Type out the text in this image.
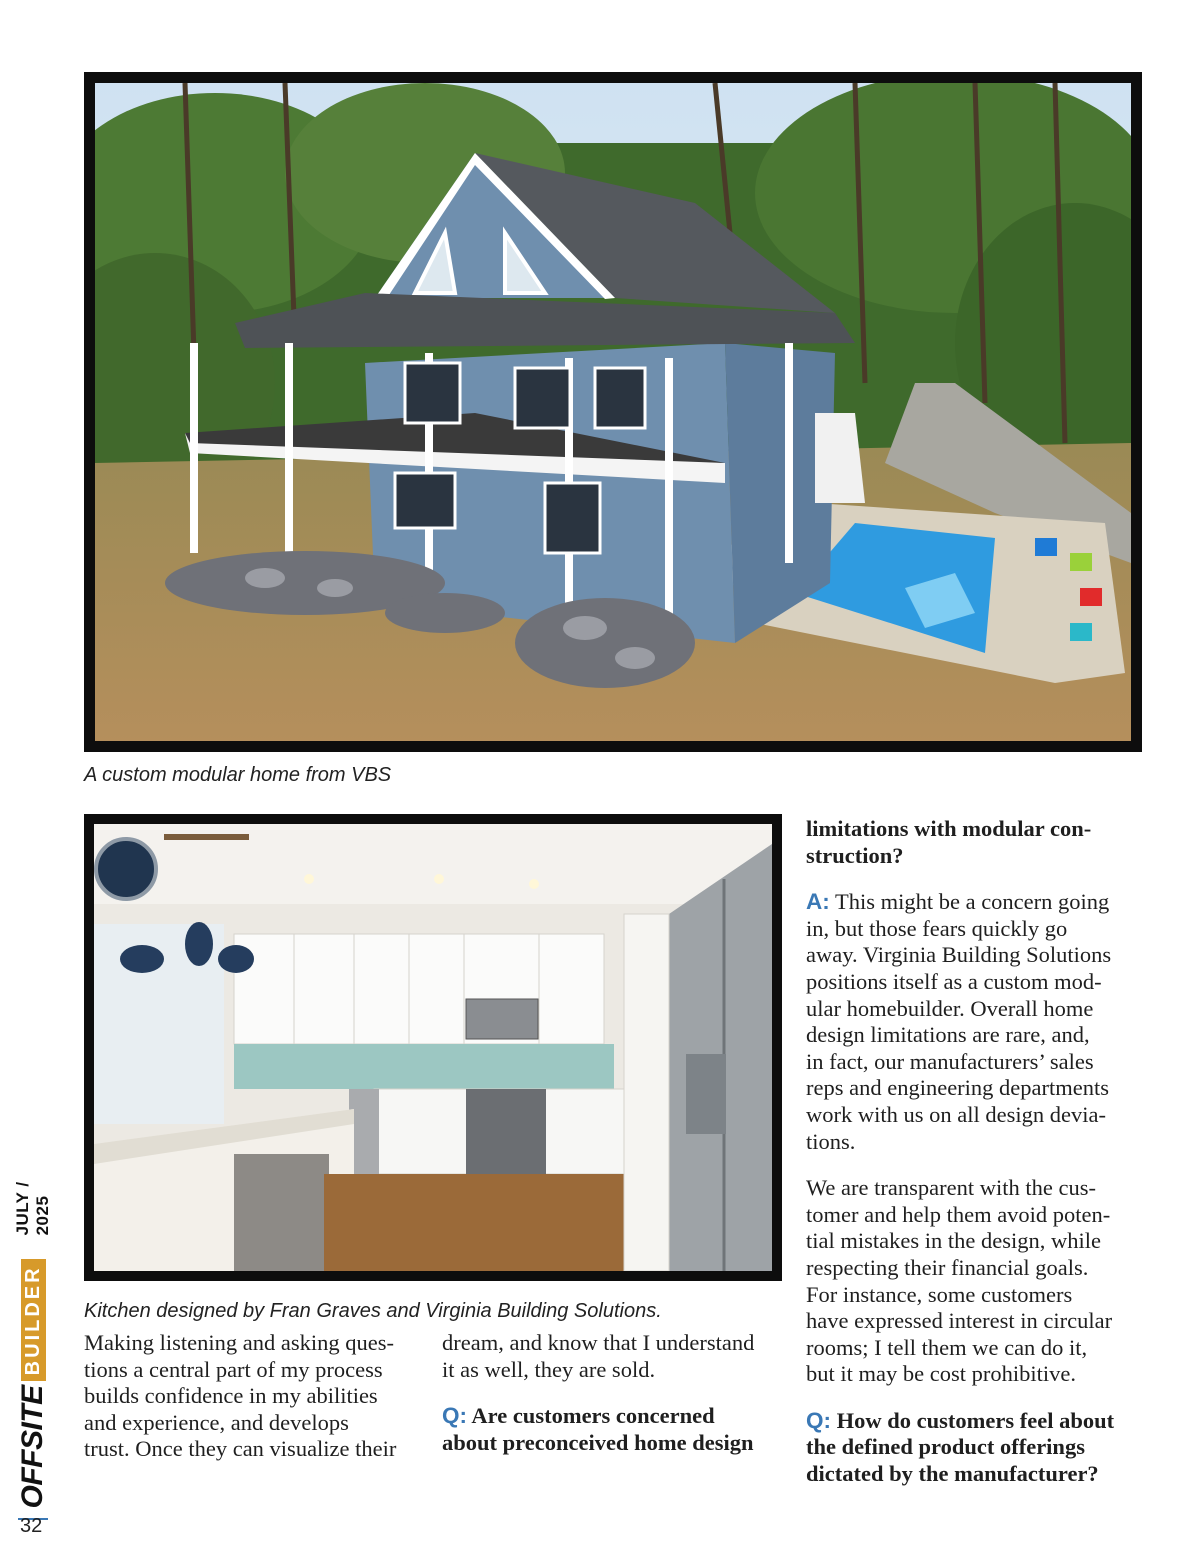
A custom modular home from VBS
Kitchen designed by Fran Graves and Virginia Building Solutions.

Making listening and asking ques-
tions a central part of my process
builds confidence in my abilities
and experience, and develops
trust. Once they can visualize their

dream, and know that I understand
it as well, they are sold.

Q: Are customers concerned
about preconceived home design

limitations with modular con-
struction?

A: This might be a concern going
in, but those fears quickly go
away. Virginia Building Solutions
positions itself as a custom mod-
ular homebuilder. Overall home
design limitations are rare, and,
in fact, our manufacturers’ sales
reps and engineering departments
work with us on all design devia-
tions.

We are transparent with the cus-
tomer and help them avoid poten-
tial mistakes in the design, while
respecting their financial goals.
For instance, some customers
have expressed interest in circular
rooms; I tell them we can do it,
but it may be cost prohibitive.

Q: How do customers feel about
the defined product offerings
dictated by the manufacturer?

OFFSITE
BUILDER
JULY / 2025
32
